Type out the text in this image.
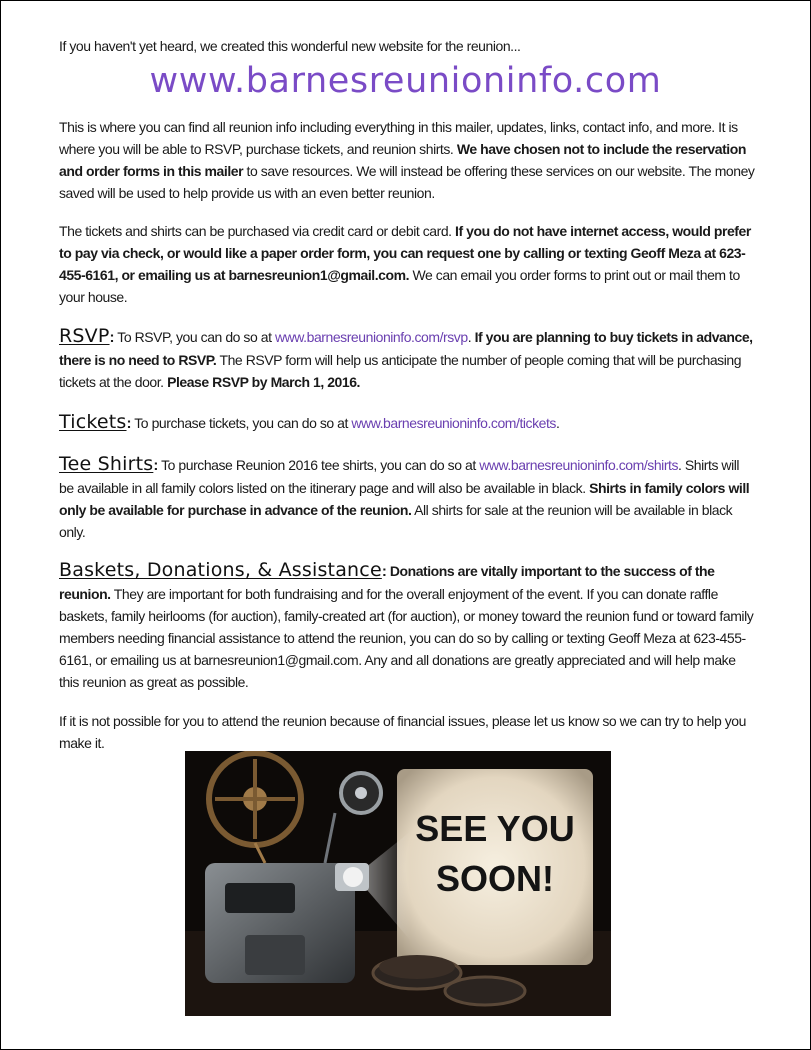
If you haven't yet heard, we created this wonderful new website for the reunion...

www.barnesreunioninfo.com

This is where you can find all reunion info including everything in this mailer, updates, links, contact info, and more. It is where you will be able to RSVP, purchase tickets, and reunion shirts. We have chosen not to include the reservation and order forms in this mailer to save resources. We will instead be offering these services on our website. The money saved will be used to help provide us with an even better reunion.

The tickets and shirts can be purchased via credit card or debit card. If you do not have internet access, would prefer to pay via check, or would like a paper order form, you can request one by calling or texting Geoff Meza at 623-455-6161, or emailing us at barnesreunion1@gmail.com. We can email you order forms to print out or mail them to your house.

RSVP: To RSVP, you can do so at www.barnesreunioninfo.com/rsvp. If you are planning to buy tickets in advance, there is no need to RSVP. The RSVP form will help us anticipate the number of people coming that will be purchasing tickets at the door. Please RSVP by March 1, 2016.

Tickets: To purchase tickets, you can do so at www.barnesreunioninfo.com/tickets.

Tee Shirts: To purchase Reunion 2016 tee shirts, you can do so at www.barnesreunioninfo.com/shirts. Shirts will be available in all family colors listed on the itinerary page and will also be available in black. Shirts in family colors will only be available for purchase in advance of the reunion. All shirts for sale at the reunion will be available in black only.

Baskets, Donations, & Assistance: Donations are vitally important to the success of the reunion. They are important for both fundraising and for the overall enjoyment of the event. If you can donate raffle baskets, family heirlooms (for auction), family-created art (for auction), or money toward the reunion fund or toward family members needing financial assistance to attend the reunion, you can do so by calling or texting Geoff Meza at 623-455-6161, or emailing us at barnesreunion1@gmail.com. Any and all donations are greatly appreciated and will help make this reunion as great as possible.

If it is not possible for you to attend the reunion because of financial issues, please let us know so we can try to help you make it.

SEE YOU
SOON!
